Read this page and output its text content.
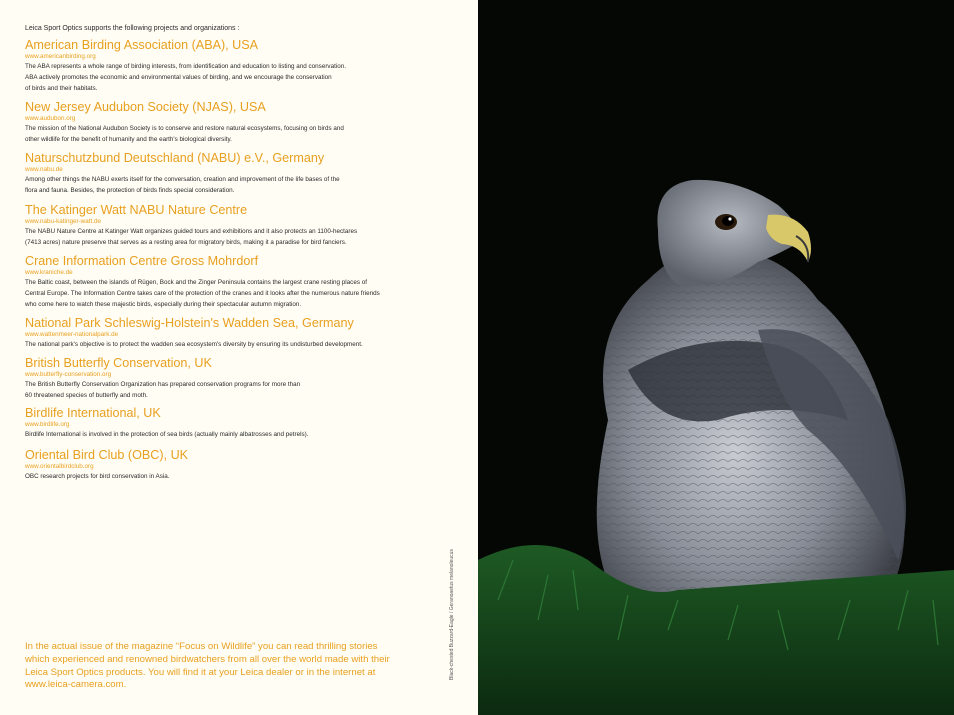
Leica Sport Optics supports the following projects and organizations :
American Birding Association (ABA), USA
www.americanbirding.org
The ABA represents a whole range of birding interests, from identification and education to listing and conservation.
ABA actively promotes the economic and environmental values of birding, and we encourage the conservation
of birds and their habitats.
New Jersey Audubon Society (NJAS), USA
www.audubon.org
The mission of the National Audubon Society is to conserve and restore natural ecosystems, focusing on birds and
other wildlife for the benefit of humanity and the earth's biological diversity.
Naturschutzbund Deutschland (NABU) e.V., Germany
www.nabu.de
Among other things the NABU exerts itself for the conversation, creation and improvement of the life bases of the
flora and fauna. Besides, the protection of birds finds special consideration.
The Katinger Watt NABU Nature Centre
www.nabu-katinger-watt.de
The NABU Nature Centre at Katinger Watt organizes guided tours and exhibitions and it also protects an 1100-hectares
(7413 acres) nature preserve that serves as a resting area for migratory birds, making it a paradise for bird fanciers.
Crane Information Centre Gross Mohrdorf
www.kraniche.de
The Baltic coast, between the islands of Rügen, Bock and the Zinger Peninsula contains the largest crane resting places of
Central Europe. The Information Centre takes care of the protection of the cranes and it looks after the numerous nature friends
who come here to watch these majestic birds, especially during their spectacular autumn migration.
National Park Schleswig-Holstein's Wadden Sea, Germany
www.wattenmeer-nationalpark.de
The national park's objective is to protect the wadden sea ecosystem's diversity by ensuring its undisturbed development.
British Butterfly Conservation, UK
www.butterfly-conservation.org
The British Butterfly Conservation Organization has prepared conservation programs for more than
60 threatened species of butterfly and moth.
Birdlife International, UK
www.birdlife.org
Birdlife International is involved in the protection of sea birds (actually mainly albatrosses and petrels).
Oriental Bird Club (OBC), UK
www.orientalbirdclub.org
OBC research projects for bird conservation in Asia.
In the actual issue of the magazine “Focus on Wildlife” you can read thrilling stories
which experienced and renowned birdwatchers from all over the world made with their
Leica Sport Optics products. You will find it at your Leica dealer or in the internet at
www.leica-camera.com.
Black-chested Buzzard-Eagle / Geranoaetus melanoleucus
